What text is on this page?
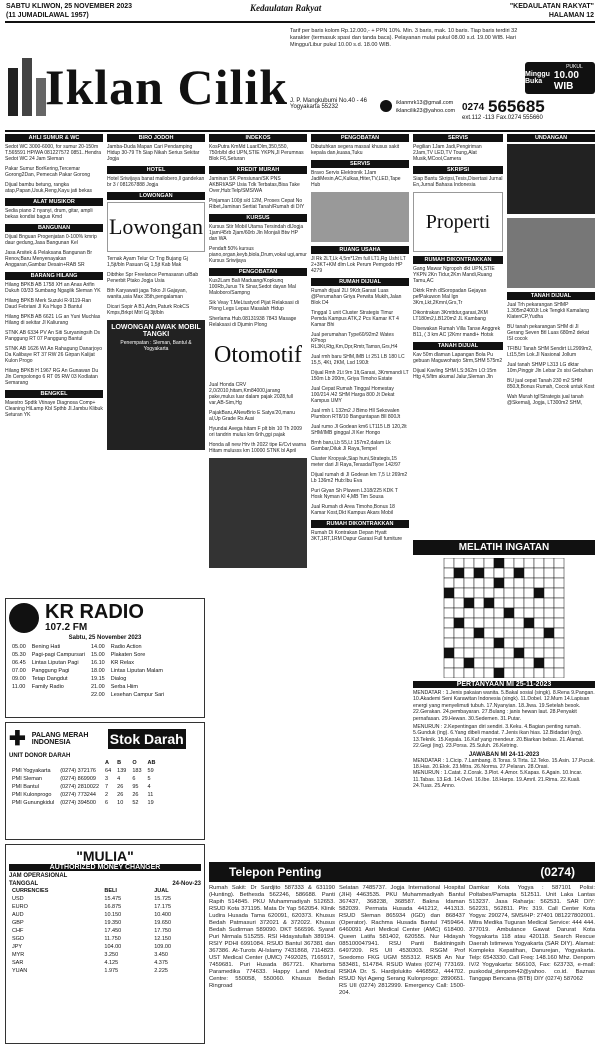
SABTU KLIWON, 25 NOVEMBER 2023
(11 JUMADILAWAL 1957)
Kedaulatan Rakyat	"KEDAULATAN RAKYAT"
HALAMAN 12
Iklan Cilik
Tarif per baris kolom Rp.12.000,- + PPN 10%. Min. 3 baris, mak. 10 baris. Tiap baris terdiri 32 karakter (termasuk spasi dan tanda baca). Pelayanan mulai pukul 08.00 s.d. 19.00 WIB. Hari Minggu/Libur pukul 10.00 s.d. 18.00 WIB.
Minggu Buka
PUKUL
10.00 WIB
J. P. Mangkubumi No.40 - 46 Yogyakarta 55232
iklanmrk13@gmail.com
iklancilik23@yahoo.com 0274 565685
ext.112 -113 Fax.0274 555660
AHLI SUMUR & WC
Sedot WC 3000-6000, for sumur 20-150m T.565591 HP/WA 081227572 0851..Hendra Sedot WC 24 Jam Sleman
Pakar Sumur BorKering,Tercemar Gorong2Dan, Pemecah Pakar Gorong
Dijual bambu betung, rangka atap,Papan,Usuk,Reng,Kayu jati bekas
ALAT MUSIKOR
Sedia piano 2 nyanyi, drum, gitar, ampli bekas kondisi bagus Kmd
BANGUNAN
Dijual Bnguan Progenjatan 0-100% kmrip daur gedung,Jasa Bangunan Kel
Jasa Arsitek & Pelaksana Bangunan Br Renov,Baru Menyenayakan Anggaran,Gambar Desain+RAB SR
BARANG HILANG
Hilang BPKB AB 1758 XH an Anas Arifin Dukuh 03/33 Sumbang Ngaglik Sleman YK
Hilang BPKB Merk Suzuki R-9119-Ran Daud Febriani Jl Ka Hugo 3 Bantul
Hilang BPKB AB 6621 LG an Yuni Muchlas Hilang di sekitar Jl Kaliurang
STNK AB 6334 PV An Siti Suryaningsih Ds Panggung RT 07 Panggung Bantul
STNK AB 1626 WI An Rahagung Danarjoyo Da Kalibaye RT 37 RW 26 Girpan Kalijat Kulon Progo
Hilang BPKB H 1967 RG An Gunawan Du Jln Cempolongo 6 RT 05 RW 03 Kodlatan Semarang
BENGKEL
Maestro Spdtk Vtinaye Diagnosa Comp+ Cleaning HiLamp Kbl Spthb Jl.Jambu Klibuk Seturan YK
BIRO JODOH
Jamba-Duda Mapan Cari Pendamping Hidup 30-79 Th Siap Nikah Serius Sekitar Jogja
HOTEL
Hotel Sriwijaya banat mailobero,ll gandekan br 3 / 081267888 Jogja
LOWONGAN
Lowongan
Ternak Ayam Telur Cr Tng Bujang Gj 1,5jt/bln Pasuan Gj 1,5jt Kab Mak
Dibthke Spr Freelance Pemasaran u/Bab Penerbit Ptako Jogja Usia
Bth Karyawati jaga Toko Jl Gajayan, wanita,usia Max 35th,pengalaman
Dicari Sopir A B1,Adm,Paturk RokCS Kmps,Brkpt Mtrl Gj 3jt/bln
LOWONGAN AWAK MOBIL TANGKI
Penempatan : Sleman, Bantul & Yogyakarta
INDEKOS
KosPutra KmMd Luar/Dlm,350,550, 750rb/bl dkt UPN,STIE YKPN,Jl Perumnas Blok F6,Seturan
KREDIT MURAH
Jaminan SK Pensiunan/SK PNS AKBRI/ASP Usia Tdk Terbatas,Bisa Take Over,Hub:Telp/SMS/WA
Pinjaman 100jt s/d 12M, Proses Cepat No Ribet,Jaminan Sertiat Tanah/Rumah di DIY
KURSUS
Kursus Stir Mobil Utama Tersindah dlJogja 1jam/45rb 2jam/60rb Jln Monjali Btw HP dan WA
Pendaft 50% kursus piano,organ,keyb,biola,Drum,vokal ugi,amur Kursus Sriwijaya
PENGOBATAN
Kus2Lam Bali Maduang/Kopkunq 100Rb,Jurus Tk Sinar,Sedot dayan Mal Maloboro/Sampng
Sik Veay T.MeLtustyorl Pijat Relaksasi di Plong Legs Lepas Masalah Hidup
Sherlama Hub.08131938 7843 Masage Relaksasi di Djumin Plong
Otomotif
Jual Honda CRV 2,0/2010,hitam,Km84000,jarang pake,mulus luar dalam pajak 2028,full var,AB-Sim,Hg
PajakBaru,ANewBrio E Satya'20,manu al,Up Grade Rs Ausi
Hyundai Avega hitam F plt bln 10 Th 2009 ori tandrin mulus km 6rih,ggi pajak
Honda all new Hrv th 2022 tipe E/Cvt warna Hitam mulusss km 10000 STNK bl April
PENGOBATAN
Dibutuhkan segera massal khusus sakit kepala dan,kuasa,Tuku
SERVIS
Bravo Servis Elektronik 1Jam JadiMesin,AC,Kulkas,Hiter,TV,LED,Tape Hub
RUANG USAHA
Jl Rk 2LT,Lk 4,5m*12m full LT1,Rg Usht LT 2+3KT+KM dlm Lok Perum Pemgodo HP 4279
RUMAH DIJUAL
Rumah dijual 2LI 9Kdr,Garasi Luas @Perumahan Griya Perwita Mukih,Jalan Blok D4
Tinggal 1 unit Cluster Strategis Timur Pemda Kampus ATK,2 Pcs Kamar KT 4 Kamar Bhi
Jual perumahan Type60/92m2 Wates KPnop RL3Kt,Rtg,Km,Dpr,Rmtr,Tamsn,Grs,H4
Jual rmh baru SHM,IMB Lt 251 LB 180 LC 15,5, 4Kt, 2KM, Lsd 190Jt
Dijual Rmh 2Lt 9rn 1lt,Garasi, 3Kmmandi LT 150m Lb 200m, Griya Timoho Estate
Jual Cepat Rumah Tinggal Homestay 100/214 /42 SHM Harga 800 Jt Dekat Kampus UMY
Jual rmh L 132m2 J Bimo Hll Sekovalen Plumbon RT8/10 Banguntapan Bll 800Jt
Jual rumo Jl Godean km6 LT115 LB 120,2lt SHM/IMB ginggal Jl Ker Hongo
Brnh baru,Lb 55,Lt 157m2,dalam Lk Gambar,Diluk Jl Raya,Tempel
Cluster Kropyak,Siap huni,Strategis,15 meter dari Jl Raya,TerasdaiTiyoe 142/97
Dijual rumah di Jl Godean km 7,5 Lt 269m2 Lb 136m2 Hub:Ibu Eva
Puri Giyan Sh Pluwen L318/225 KDK T Hosk Nyman Kl 4,MB Tim Sousa
Jual Rumah di Area Timoho,Bonus 18 Kamar Kost,Dkt Kampus Akars Mobil
RUMAH DIKONTRAKKAN
Rumah Di Kontrakan Depan Hyatt 3KT,1RT,1RM Dapur Garasi Full furniture
SERVIS
Pegilian 1Jam Jadi,Pengiriman 2Jam,TV LED,TV Toung,Alat Musik,MCool,Camera
SKRIPSI
Siap Bantu Skripsi,Tesis,Disertasi Jurnal En,Jurnal Bahasa Indonesia
Properti
RUMAH DIKONTRAKKAN
Gang Mawar Ngropoh dkt UPN,STIE YKPN 2Kn Tidur,2Km Mandi,Ruang Tamu,AC
Dktrk Rmh dlSoropadan Gejayan pefPakuwon Mal Ign 3Km,Lkt,2Kmnl,Grs,Tr
Dikontrakan 3Kmttdur,garasi,2KM LT180m2,LB120m2 JL Kambang
Disewakan Rumah Villa Tanse Anggrek B11, ( 3 km AC )2Kmr mandi+ Hotsk
TANAH DIJUAL
Kav 50m dlaman Lapangan Bola Pu gebuan Maguwoharjo Strm,SHM 575m2
Dijual Kavling SHM LS:362m LO:15m Htg 4,5/ltm akumal Jalur,Sleman Jln
UNDANGAN
TANAH DIJUAL
Jual Trh pekarangan SHMP 1.305m2400Jt Lok Tengkli Kamalang KlatenCP,Yudha
BU tanah pekarangan SHM di Jl Gerang Seven Btl Luas 680m2 dekat ISI cocok
TFIBU Tanah SHM Sendirt LL2999m2, Lt15,5m Lok.Jl Nasional Jollum
Jual tanah SHMP L313 LG dktar 10m,Pinggir Jln Lebar 2x sisi Gebuhan
BU jual cepat Tanah 230 m2 SHM 850Jt,Bonus Rumah, Cocok untuk Kost
Wah Murah tgl!Strategis jual tanah @Skemalj, Jogja, LT300m2 SHM,
KR RADIO
107.2 FM
Sabtu, 25 November 2023
05.00	Bening Hati	14.00	Radio Action
05.30	Pagi-pagi Campursari	15.00	Plakaten Sore
06.45	Lintas Liputan Pagi	16.10	KR Relax
07.00	Panggung Pagi	18.00	Lintas Liputan Malam
09.00	Tetap Dangdut	19.15	Dialog
11.00	Family Radio	21.00	Serba Hiim
		22.00	Lesehan Campur Sari
✚ PALANG MERAH INDONESIA	Stok Darah
UNIT DONOR DARAH
		A	B	O	AB
PMI Yogyakarta	(0274) 372176	64	139	183	59
PMI Sleman	(0274) 869909	3	4	6	5
PMI Bantul	(0274) 2810022	7	26	95	4
PMI Kulonprogo	(0274) 773244	2	26	26	11
PMI Gunungkidul	(0274) 394500	6	10	52	19
"MULIA"
AUTHORIZED MONEY CHANGER
JAM OPERASIONAL
TANGGAL	24-Nov-23
CURRENCIES	BELI	JUAL
USD	15.475	15.725
EURO	16.875	17.175
AUD	10.150	10.400
GBP	19.350	19.650
CHF	17.450	17.750
SGD	11.750	12.150
JPY	104.00	109.00
MYR	3.250	3.450
SAR	4.125	4.375
YUAN	1.975	2.225
MELATIH INGATAN
PERTANYAAN MI 25-11-2023
MENDATAR : 1.Jenis pakaian wanita. 5.Bakal sosial (singk). 8.Rena 9.Pangan. 10.Akademi Seni Karawitan Indonesia (singk). 11.Dobel. 12.Mum 14.Lapisan energi yang menyelimuti tubuh. 17.Nyanyian. 18.Jiwa. 19.Setelah besok. 22.Gerakan. 24.pembayaran. 27.Bulang : janis hewan laut. 28.Penyakit pernafasan. 29.Hewan. 30.Sedemen. 31.Putar.
MENURUN : 2.Kepentingan diri sendiri. 3.Keku. 4.Bagian penting rumah. 5.Gunduk (ing). 6.Yang dibeli mandat. 7.Jenis ikan hias. 12.Bidadari (ing). 13.Teknik. 15.Kepala. 16.Kaf yang mendeur. 20.Biarkan bebas. 21.Alamat. 22.Gegi (ing). 23.Porsa. 25.Suluh. 26.Ketring.
JAWABAN MI 24-11-2023
MENDATAR : 1.Cicip. 7.Lambang. 8.Toras. 9.Tirta. 12.Teko. 15.Asin. 17.Pucuk. 18.Has. 20.Elok. 23.Mitra. 26.Norma. 27.Pelaran. 28.Orasi.
MENURUN : 1.Catat. 2.Corak. 3.Plot. 4.Amor. 5.Kapas. 6.Again. 10.Incar. 11.Tabas. 13.Edi. 14.Ovel. 16.Ibe. 18.Harps. 19.Amril. 21.Rima. 22.Kuali. 24.Tuas. 25.Anno.
Telepon Penting	(0274)
Rumah Sakit: Dr Sardjito 587333 & 631190 (Hunting). Bethesda 562246, 586688. Panti Rapih 514845. PKU Muhammadiyah 512653. RSUD Kota 371195. Mata Dr Yap 562054. Klinik Ludira Husada Tama 620091, 620373. Khusus Bedah Patmasuri 372021 & 372022. Khusus Bedah Sudirman 589090. DKT 566596. Syaraf Puri Nirmala 515255. RSI Hidayatullah 389194. RSIY PDHI 6991084. RSUD Bantul 367381 dan 367386. At-Turots Al-Islamy 7431868, 7114823. UST Medical Center (UMC) 7492025, 7165917, 7459681. Puri Husada 867721. Kharisma Paramedika 774633. Happy Land Medical Centre: 550058, 550060. Khusus Bedah Ringroad
Selatan 7485737. Jogja International Hospital (JIH) 4463535. PKU Muhammadiyah Bantul 367437, 368238, 368587. Bakna Idaman 582039. Permata Husada 441212, 441313. RSUD Sleman 865934 (IGD) dan 868437 (Operator). Rachma Husada Bantul 7459464. 6460091 Asri Medical Center (AMC) 618400. Queen Latifa 581402, 620555. Nur Hidayah 085100047941. RSU Panti Baktiningsih 6497209. RS UII 4530303. RSGM Prof Soedomo FKG UGM 555312. RSKB An Nur 583481, 514784. RSUD Wates (0274) 773169. RSKIA Dr. S. Hardjolukito 4468562, 444702. RSUD Nyi Ageng Serang Kulonprogo: 2890651. RS UII (0274) 2812999. Emergency Call: 1500-204.
Damkar Kota Yogya : 587101 Polisi: Poltabes/Pamapta 512511. Unit Laka Lantas 513237. Jasa Raharja: 562531. SAR DIY: 562231, 562811. Pln: 319. Call Center Kota Yogya: 290274, SMS/HP: 27401 081227802001. Mitra Medika Tuguran Medical Service: 444 444. 377019. Ambulance Gawat Darurat Kota Yogyakarta 118 atau 420118. Search Rescue Daerah Istimewa Yogyakarta (SAR DIY). Alamat: Kompleks Kepatihan, Danurejan, Yogyakarta. Telp: 6543330. Call Freq: 148.160 Mhz. Denpom IV/2 Yogyakarta: 566103, Fax: 623733, e-mail: puskodal_denpom42@yahoo. co.id. Baznas Tanggap Bencana (BTB) DIY (0274) 587062
